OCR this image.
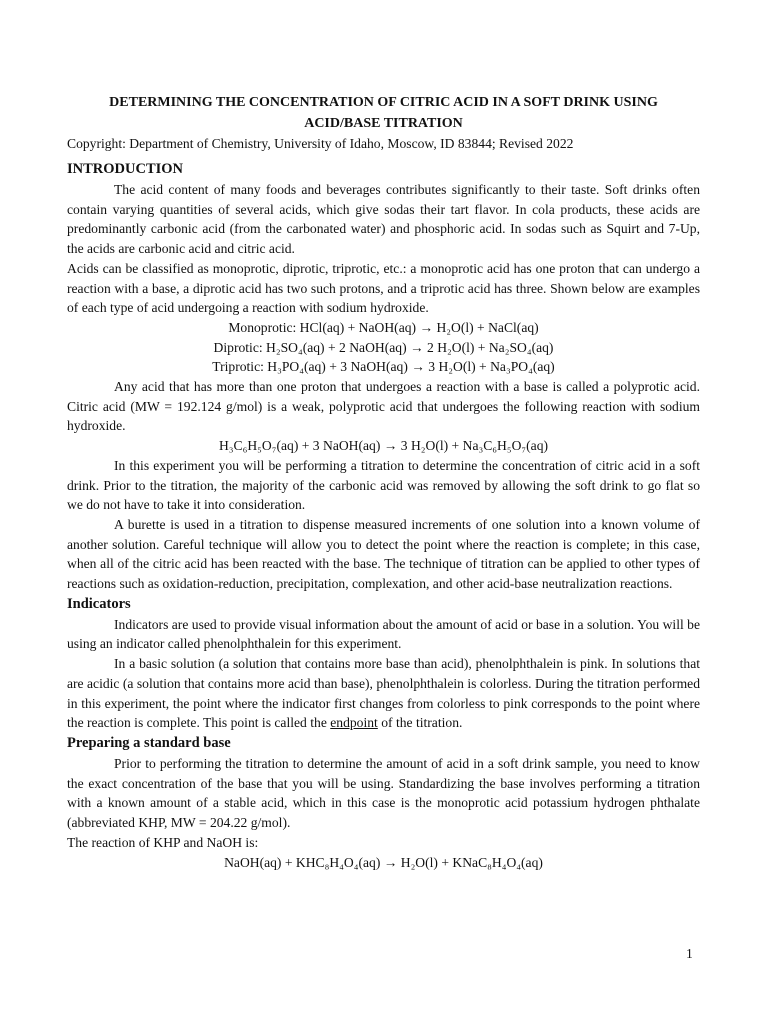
DETERMINING THE CONCENTRATION OF CITRIC ACID IN A SOFT DRINK USING ACID/BASE TITRATION
Copyright: Department of Chemistry, University of Idaho, Moscow, ID 83844; Revised 2022
INTRODUCTION

The acid content of many foods and beverages contributes significantly to their taste. Soft drinks often contain varying quantities of several acids, which give sodas their tart flavor. In cola products, these acids are predominantly carbonic acid (from the carbonated water) and phosphoric acid. In sodas such as Squirt and 7-Up, the acids are carbonic acid and citric acid.

Acids can be classified as monoprotic, diprotic, triprotic, etc.: a monoprotic acid has one proton that can undergo a reaction with a base, a diprotic acid has two such protons, and a triprotic acid has three. Shown below are examples of each type of acid undergoing a reaction with sodium hydroxide.

Monoprotic: HCl(aq) + NaOH(aq) → H₂O(l) + NaCl(aq)
Diprotic: H₂SO₄(aq) + 2 NaOH(aq) → 2 H₂O(l) + Na₂SO₄(aq)
Triprotic: H₃PO₄(aq) + 3 NaOH(aq) → 3 H₂O(l) + Na₃PO₄(aq)

Any acid that has more than one proton that undergoes a reaction with a base is called a polyprotic acid. Citric acid (MW = 192.124 g/mol) is a weak, polyprotic acid that undergoes the following reaction with sodium hydroxide.

H₃C₆H₅O₇(aq) + 3 NaOH(aq) → 3 H₂O(l) + Na₃C₆H₅O₇(aq)

In this experiment you will be performing a titration to determine the concentration of citric acid in a soft drink. Prior to the titration, the majority of the carbonic acid was removed by allowing the soft drink to go flat so we do not have to take it into consideration.

A burette is used in a titration to dispense measured increments of one solution into a known volume of another solution. Careful technique will allow you to detect the point where the reaction is complete; in this case, when all of the citric acid has been reacted with the base. The technique of titration can be applied to other types of reactions such as oxidation-reduction, precipitation, complexation, and other acid-base neutralization reactions.

Indicators

Indicators are used to provide visual information about the amount of acid or base in a solution. You will be using an indicator called phenolphthalein for this experiment.

In a basic solution (a solution that contains more base than acid), phenolphthalein is pink. In solutions that are acidic (a solution that contains more acid than base), phenolphthalein is colorless. During the titration performed in this experiment, the point where the indicator first changes from colorless to pink corresponds to the point where the reaction is complete. This point is called the endpoint of the titration.

Preparing a standard base

Prior to performing the titration to determine the amount of acid in a soft drink sample, you need to know the exact concentration of the base that you will be using. Standardizing the base involves performing a titration with a known amount of a stable acid, which in this case is the monoprotic acid potassium hydrogen phthalate (abbreviated KHP, MW = 204.22 g/mol).

The reaction of KHP and NaOH is:

NaOH(aq) + KHC₈H₄O₄(aq) → H₂O(l) + KNaC₈H₄O₄(aq)
1
